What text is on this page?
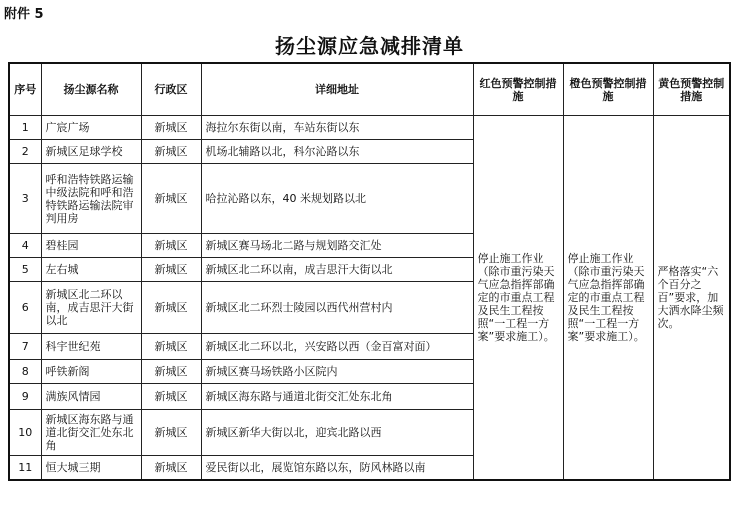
附件 5
扬尘源应急减排清单
序号	扬尘源名称	行政区	详细地址	红色预警控制措施	橙色预警控制措施	黄色预警控制措施
1	广宸广场	新城区	海拉尔东街以南，车站东街以东	停止施工作业（除市重污染天气应急指挥部确定的市重点工程及民生工程按照“一工程一方案”要求施工）。	停止施工作业（除市重污染天气应急指挥部确定的市重点工程及民生工程按照“一工程一方案”要求施工）。	严格落实“六个百分之百”要求，加大洒水降尘频次。
2	新城区足球学校	新城区	机场北辅路以北，科尔沁路以东			
3	呼和浩特铁路运输中级法院和呼和浩特铁路运输法院审判用房	新城区	哈拉沁路以东，40 米规划路以北			
4	碧桂园	新城区	新城区赛马场北二路与规划路交汇处			
5	左右城	新城区	新城区北二环以南，成吉思汗大街以北			
6	新城区北二环以南，成吉思汗大街以北	新城区	新城区北二环烈士陵园以西代州营村内			
7	科宇世纪苑	新城区	新城区北二环以北，兴安路以西（金百富对面）			
8	呼铁新阁	新城区	新城区赛马场铁路小区院内			
9	满族风情园	新城区	新城区海东路与通道北街交汇处东北角			
10	新城区海东路与通道北街交汇处东北角	新城区	新城区新华大街以北，迎宾北路以西			
11	恒大城三期	新城区	爱民街以北，展览馆东路以东，防风林路以南			
